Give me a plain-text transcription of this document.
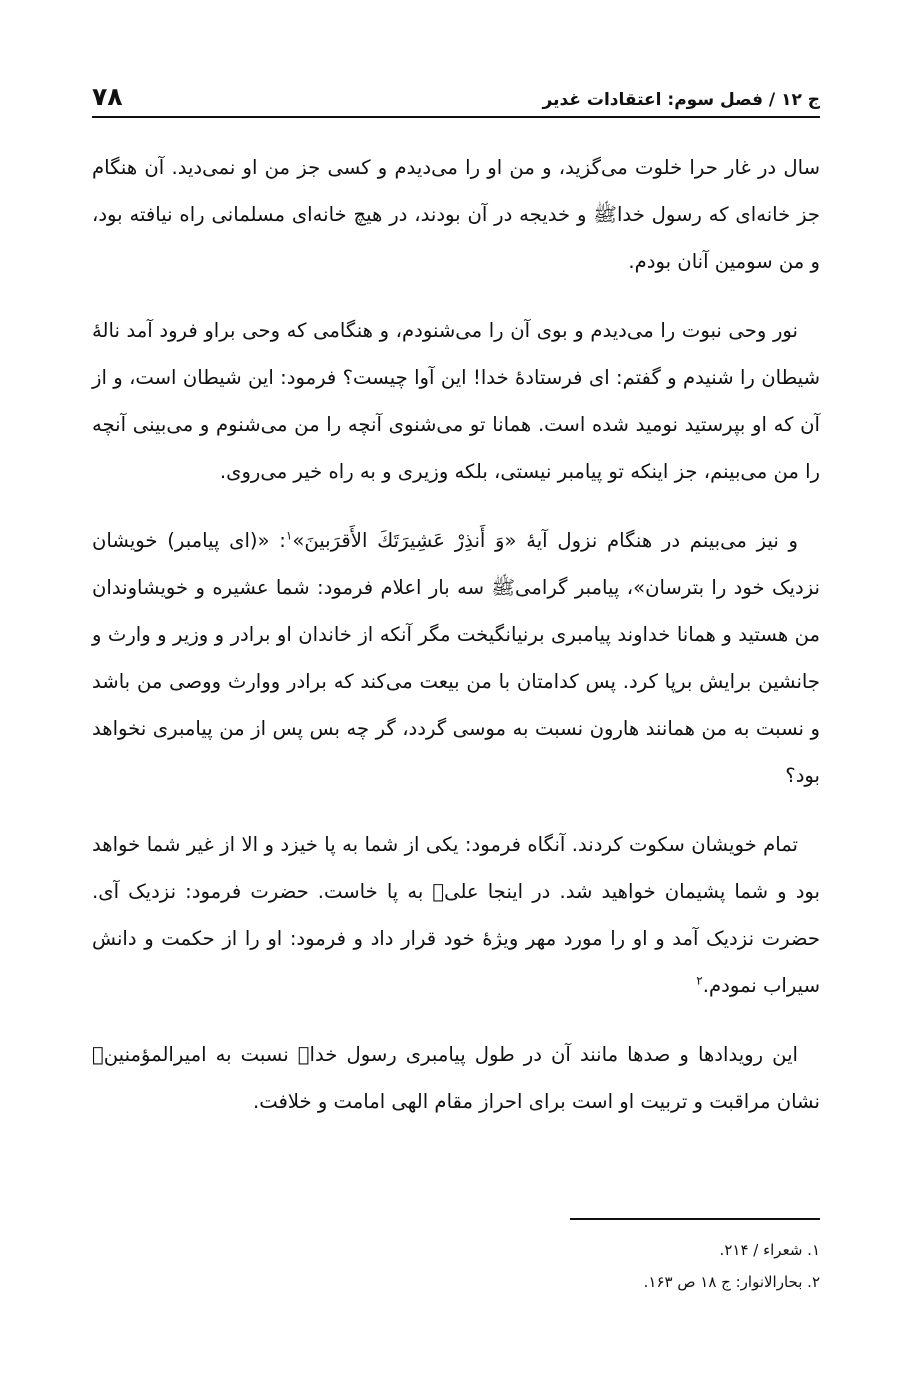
ج ۱۲ / فصل سوم: اعتقادات غدیر
۷۸

سال در غار حرا خلوت می‌گزید، و من او را می‌دیدم و کسی جز من او نمی‌دید. آن هنگام جز خانه‌ای که رسول خداﷺ و خدیجه در آن بودند، در هیچ خانه‌ای مسلمانی راه نیافته بود، و من سومین آنان بودم.

نور وحی نبوت را می‌دیدم و بوی آن را می‌شنودم، و هنگامی که وحی براو فرود آمد نالهٔ شیطان را شنیدم و گفتم: ای فرستادهٔ خدا! این آوا چیست؟ فرمود: این شیطان است، و از آن که او بپرستید نومید شده است. همانا تو می‌شنوی آنچه را من می‌شنوم و می‌بینی آنچه را من می‌بینم، جز اینکه تو پیامبر نیستی، بلکه وزیری و به راه خیر می‌روی.

و نیز می‌بینم در هنگام نزول آیهٔ «وَ أَنذِرْ عَشِيرَتَكَ الأَقرَبينَ»$^۱$: «(ای پیامبر) خویشان نزدیک خود را بترسان»، پیامبر گرامیﷺ سه بار اعلام فرمود: شما عشیره و خویشاوندان من هستید و همانا خداوند پیامبری برنیانگیخت مگر آنکه از خاندان او برادر و وزیر و وارث و جانشین برایش برپا کرد. پس کدامتان با من بیعت می‌کند که برادر ووارث ووصی من باشد و نسبت به من همانند هارون نسبت به موسی گردد، گر چه بس پس از من پیامبری نخواهد بود؟

تمام خویشان سکوت کردند. آنگاه فرمود: یکی از شما به پا خیزد و الا از غیر شما خواهد بود و شما پشیمان خواهید شد. در اینجا علیؑ به پا خاست. حضرت فرمود: نزدیک آی. حضرت نزدیک آمد و او را مورد مهر ویژهٔ خود قرار داد و فرمود: او را از حکمت و دانش سیراب نمودم.$^۲$

این رویدادها و صدها مانند آن در طول پیامبری رسول خداﷺ نسبت به امیرالمؤمنینؑ نشان مراقبت و تربیت او است برای احراز مقام الهی امامت و خلافت.

۱. شعراء / ۲۱۴.
۲. بحارالانوار: ج ۱۸ ص ۱۶۳.
